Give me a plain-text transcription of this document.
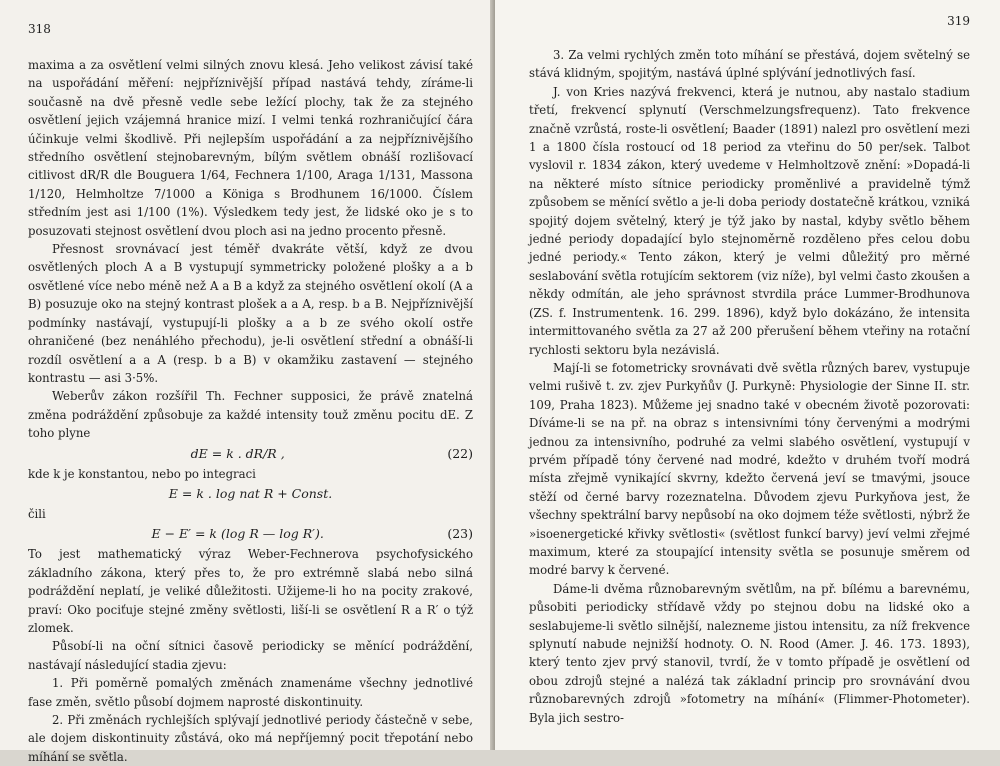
318

maxima a za osvětlení velmi silných znovu klesá. Jeho velikost závisí také na uspořádání měření: nejpříznivější případ nastává tehdy, zíráme-li současně na dvě přesně vedle sebe ležící plochy, tak že za stejného osvětlení jejich vzájemná hranice mizí. I velmi tenká rozhraničující čára účinkuje velmi škodlivě. Při nejlepším uspořádání a za nejpříznivějšího středního osvětlení stejnobarevným, bílým světlem obnáší rozlišovací citlivost dR/R dle Bouguera 1/64, Fechnera 1/100, Araga 1/131, Massona 1/120, Helmholtze 7/1000 a Königa s Brodhunem 16/1000. Číslem středním jest asi 1/100 (1%). Výsledkem tedy jest, že lidské oko je s to posuzovati stejnost osvětlení dvou ploch asi na jedno procento přesně.

Přesnost srovnávací jest téměř dvakráte větší, když ze dvou osvětlených ploch A a B vystupují symmetricky položené plošky a a b osvětlené více nebo méně než A a B a když za stejného osvětlení okolí (A a B) posuzuje oko na stejný kontrast plošek a a A, resp. b a B. Nejpříznivější podmínky nastávají, vystupují-li plošky a a b ze svého okolí ostře ohraničené (bez nenáhlého přechodu), je-li osvětlení střední a obnáší-li rozdíl osvětlení a a A (resp. b a B) v okamžiku zastavení — stejného kontrastu — asi 3·5%.

Weberův zákon rozšířil Th. Fechner supposici, že právě znatelná změna podráždění způsobuje za každé intensity touž změnu pocitu dE. Z toho plyne

dE = k . dR/R ,	(22)

kde k je konstantou, nebo po integraci

E = k . log nat R + Const.

čili

E − E′ = k (log R — log R′).	(23)

To jest mathematický výraz Weber-Fechnerova psychofysického základního zákona, který přes to, že pro extrémně slabá nebo silná podráždění neplatí, je veliké důležitosti. Užijeme-li ho na pocity zrakové, praví: Oko pociťuje stejné změny světlosti, liší-li se osvětlení R a R′ o týž zlomek.

Působí-li na oční sítnici časově periodicky se měnící podráždění, nastávají následující stadia zjevu:

1. Při poměrně pomalých změnách znamenáme všechny jednotlivé fase změn, světlo působí dojmem naprosté diskontinuity.

2. Při změnách rychlejších splývají jednotlivé periody částečně v sebe, ale dojem diskontinuity zůstává, oko má nepříjemný pocit třepotání nebo míhání se světla.

319

3. Za velmi rychlých změn toto míhání se přestává, dojem světelný se stává klidným, spojitým, nastává úplné splývání jednotlivých fasí.

J. von Kries nazývá frekvenci, která je nutnou, aby nastalo stadium třetí, frekvencí splynutí (Verschmelzungsfrequenz). Tato frekvence značně vzrůstá, roste-li osvětlení; Baader (1891) nalezl pro osvětlení mezi 1 a 1800 čísla rostoucí od 18 period za vteřinu do 50 per/sek. Talbot vyslovil r. 1834 zákon, který uvedeme v Helmholtzově znění: »Dopadá-li na některé místo sítnice periodicky proměnlivé a pravidelně týmž způsobem se měnící světlo a je-li doba periody dostatečně krátkou, vzniká spojitý dojem světelný, který je týž jako by nastal, kdyby světlo během jedné periody dopadající bylo stejnoměrně rozděleno přes celou dobu jedné periody.« Tento zákon, který je velmi důležitý pro měrné seslabování světla rotujícím sektorem (viz níže), byl velmi často zkoušen a někdy odmítán, ale jeho správnost stvrdila práce Lummer-Brodhunova (ZS. f. Instrumentenk. 16. 299. 1896), když bylo dokázáno, že intensita intermittovaného světla za 27 až 200 přerušení během vteřiny na rotační rychlosti sektoru byla nezávislá.

Mají-li se fotometricky srovnávati dvě světla různých barev, vystupuje velmi rušivě t. zv. zjev Purkyňův (J. Purkyně: Physiologie der Sinne II. str. 109, Praha 1823). Můžeme jej snadno také v obecném životě pozorovati: Díváme-li se na př. na obraz s intensivními tóny červenými a modrými jednou za intensivního, podruhé za velmi slabého osvětlení, vystupují v prvém případě tóny červené nad modré, kdežto v druhém tvoří modrá místa zřejmě vynikající skvrny, kdežto červená jeví se tmavými, jsouce stěží od černé barvy rozeznatelna. Důvodem zjevu Purkyňova jest, že všechny spektrální barvy nepůsobí na oko dojmem téže světlosti, nýbrž že »isoenergetické křivky světlosti« (světlost funkcí barvy) jeví velmi zřejmé maximum, které za stoupající intensity světla se posunuje směrem od modré barvy k červené.

Dáme-li dvěma různobarevným světlům, na př. bílému a barevnému, působiti periodicky střídavě vždy po stejnou dobu na lidské oko a seslabujeme-li světlo silnější, nalezneme jistou intensitu, za níž frekvence splynutí nabude nejnižší hodnoty. O. N. Rood (Amer. J. 46. 173. 1893), který tento zjev prvý stanovil, tvrdí, že v tomto případě je osvětlení od obou zdrojů stejné a nalézá tak základní princip pro srovnávání dvou různobarevných zdrojů »fotometry na míhání« (Flimmer-Photometer). Byla jich sestro-
